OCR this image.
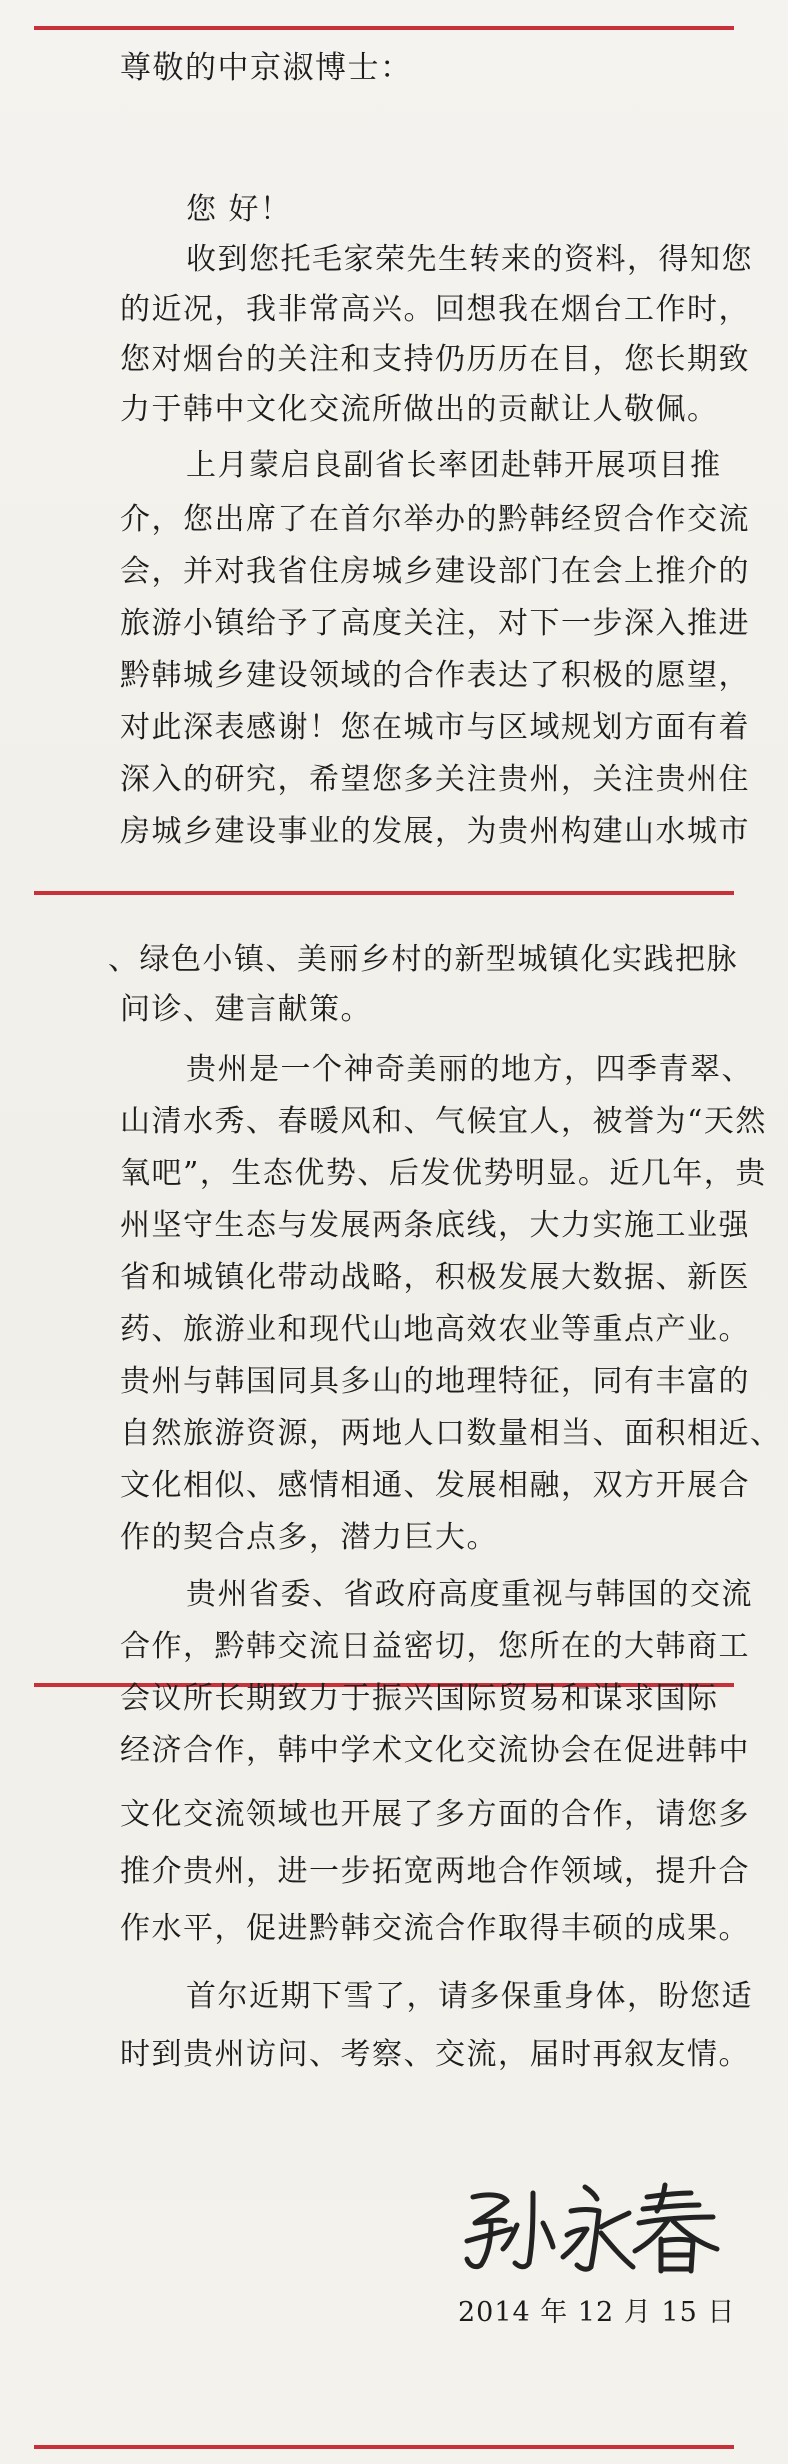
尊敬的中京淑博士：

您 好！

收到您托毛家荣先生转来的资料，得知您

的近况，我非常高兴。回想我在烟台工作时，

您对烟台的关注和支持仍历历在目，您长期致

力于韩中文化交流所做出的贡献让人敬佩。

上月蒙启良副省长率团赴韩开展项目推

介，您出席了在首尔举办的黔韩经贸合作交流

会，并对我省住房城乡建设部门在会上推介的

旅游小镇给予了高度关注，对下一步深入推进

黔韩城乡建设领域的合作表达了积极的愿望，

对此深表感谢！您在城市与区域规划方面有着

深入的研究，希望您多关注贵州，关注贵州住

房城乡建设事业的发展，为贵州构建山水城市

、绿色小镇、美丽乡村的新型城镇化实践把脉

问诊、建言献策。

贵州是一个神奇美丽的地方，四季青翠、

山清水秀、春暖风和、气候宜人，被誉为“天然

氧吧”，生态优势、后发优势明显。近几年，贵

州坚守生态与发展两条底线，大力实施工业强

省和城镇化带动战略，积极发展大数据、新医

药、旅游业和现代山地高效农业等重点产业。

贵州与韩国同具多山的地理特征，同有丰富的

自然旅游资源，两地人口数量相当、面积相近、

文化相似、感情相通、发展相融，双方开展合

作的契合点多，潜力巨大。

贵州省委、省政府高度重视与韩国的交流

合作，黔韩交流日益密切，您所在的大韩商工

会议所长期致力于振兴国际贸易和谋求国际

经济合作，韩中学术文化交流协会在促进韩中

文化交流领域也开展了多方面的合作，请您多

推介贵州，进一步拓宽两地合作领域，提升合

作水平，促进黔韩交流合作取得丰硕的成果。

首尔近期下雪了，请多保重身体，盼您适

时到贵州访问、考察、交流，届时再叙友情。

2014 年 12 月 15 日
